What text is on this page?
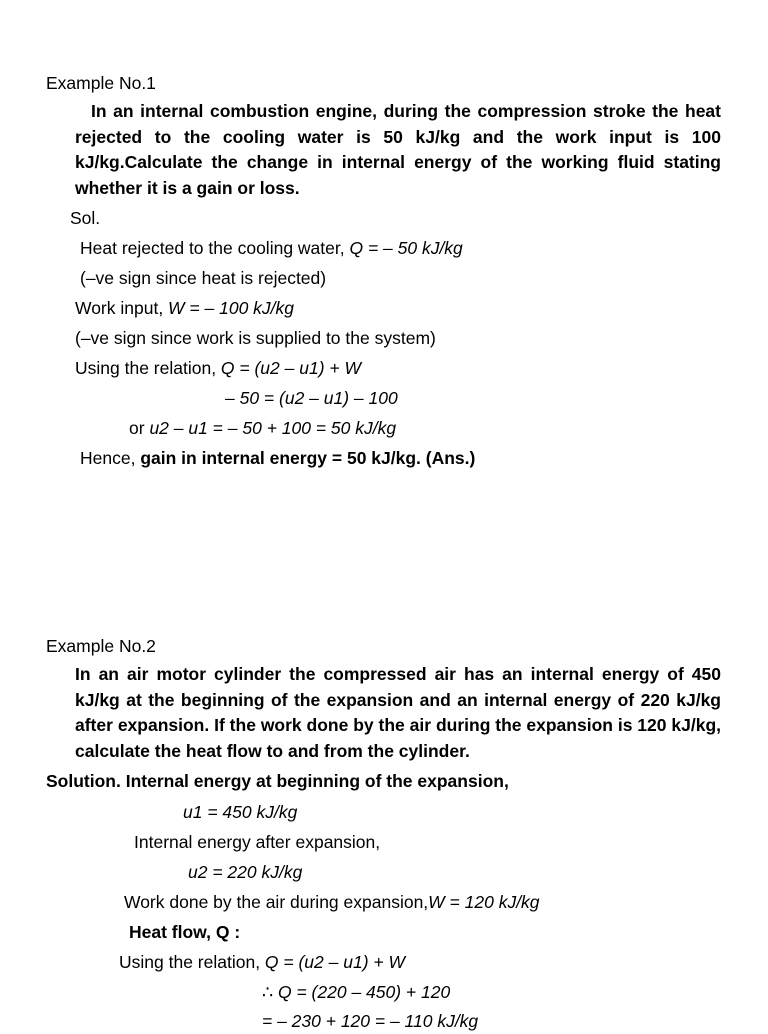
Example No.1
In an internal combustion engine, during the compression stroke the heat rejected to the cooling water is 50 kJ/kg and the work input is 100 kJ/kg.Calculate the change in internal energy of the working fluid stating whether it is a gain or loss.
Sol.
Heat rejected to the cooling water, Q = – 50 kJ/kg
(–ve sign since heat is rejected)
Work input, W = – 100 kJ/kg
(–ve sign since work is supplied to the system)
Using the relation, Q = (u2 – u1) + W
– 50 = (u2 – u1) – 100
or u2 – u1 = – 50 + 100 = 50 kJ/kg
Hence, gain in internal energy = 50 kJ/kg. (Ans.)
Example No.2
In an air motor cylinder the compressed air has an internal energy of 450 kJ/kg at the beginning of the expansion and an internal energy of 220 kJ/kg after expansion. If the work done by the air during the expansion is 120 kJ/kg, calculate the heat flow to and from the cylinder.
Solution. Internal energy at beginning of the expansion,
u1 = 450 kJ/kg
Internal energy after expansion,
u2 = 220 kJ/kg
Work done by the air during expansion,W = 120 kJ/kg
Heat flow, Q :
Using the relation, Q = (u2 – u1) + W
∴ Q = (220 – 450) + 120
= – 230 + 120 = – 110 kJ/kg
